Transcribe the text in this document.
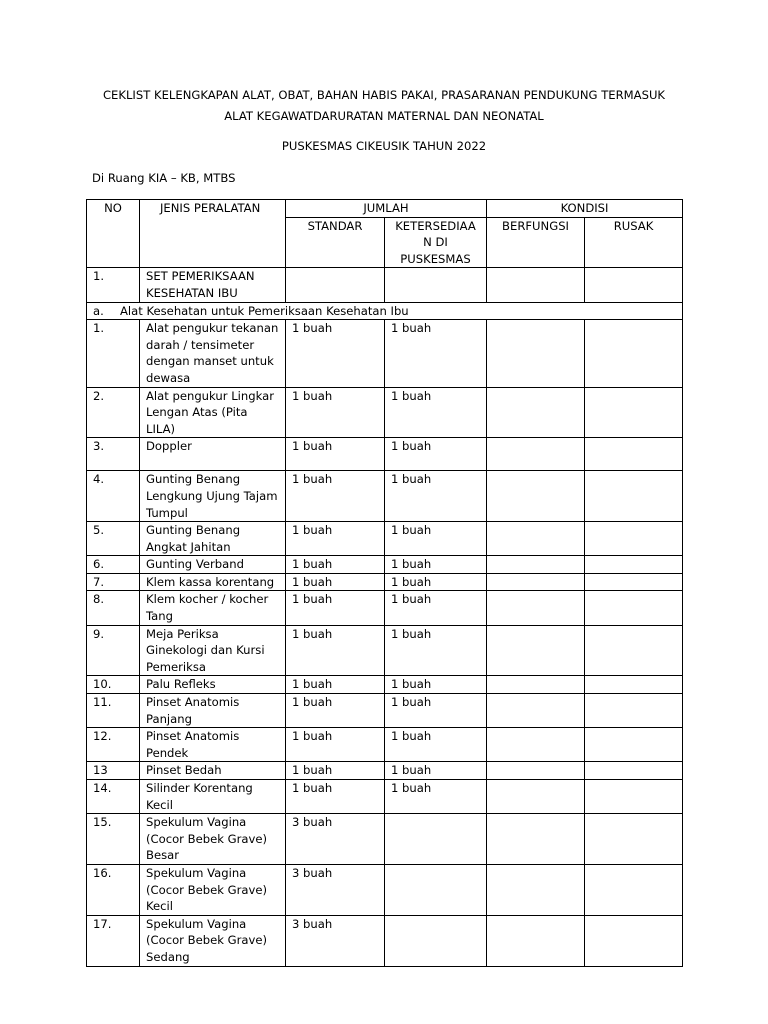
CEKLIST KELENGKAPAN ALAT, OBAT, BAHAN HABIS PAKAI, PRASARANAN PENDUKUNG TERMASUK
ALAT KEGAWATDARURATAN MATERNAL DAN NEONATAL
PUSKESMAS CIKEUSIK TAHUN 2022
Di Ruang KIA – KB, MTBS
NO	JENIS PERALATAN	JUMLAH		KONDISI	
		STANDAR	KETERSEDIAA N DI PUSKESMAS	BERFUNGSI	RUSAK
1.	SET PEMERIKSAAN KESEHATAN IBU				
a. Alat Kesehatan untuk Pemeriksaan Kesehatan Ibu					
1.	Alat pengukur tekanan darah / tensimeter dengan manset untuk dewasa	1 buah	1 buah		
2.	Alat pengukur Lingkar Lengan Atas (Pita LILA)	1 buah	1 buah		
3.	Doppler	1 buah	1 buah		
4.	Gunting Benang Lengkung Ujung Tajam Tumpul	1 buah	1 buah		
5.	Gunting Benang Angkat Jahitan	1 buah	1 buah		
6.	Gunting Verband	1 buah	1 buah		
7.	Klem kassa korentang	1 buah	1 buah		
8.	Klem kocher / kocher Tang	1 buah	1 buah		
9.	Meja Periksa Ginekologi dan Kursi Pemeriksa	1 buah	1 buah		
10.	Palu Refleks	1 buah	1 buah		
11.	Pinset Anatomis Panjang	1 buah	1 buah		
12.	Pinset Anatomis Pendek	1 buah	1 buah		
13	Pinset Bedah	1 buah	1 buah		
14.	Silinder Korentang Kecil	1 buah	1 buah		
15.	Spekulum Vagina (Cocor Bebek Grave) Besar	3 buah			
16.	Spekulum Vagina (Cocor Bebek Grave) Kecil	3 buah			
17.	Spekulum Vagina (Cocor Bebek Grave) Sedang	3 buah			
